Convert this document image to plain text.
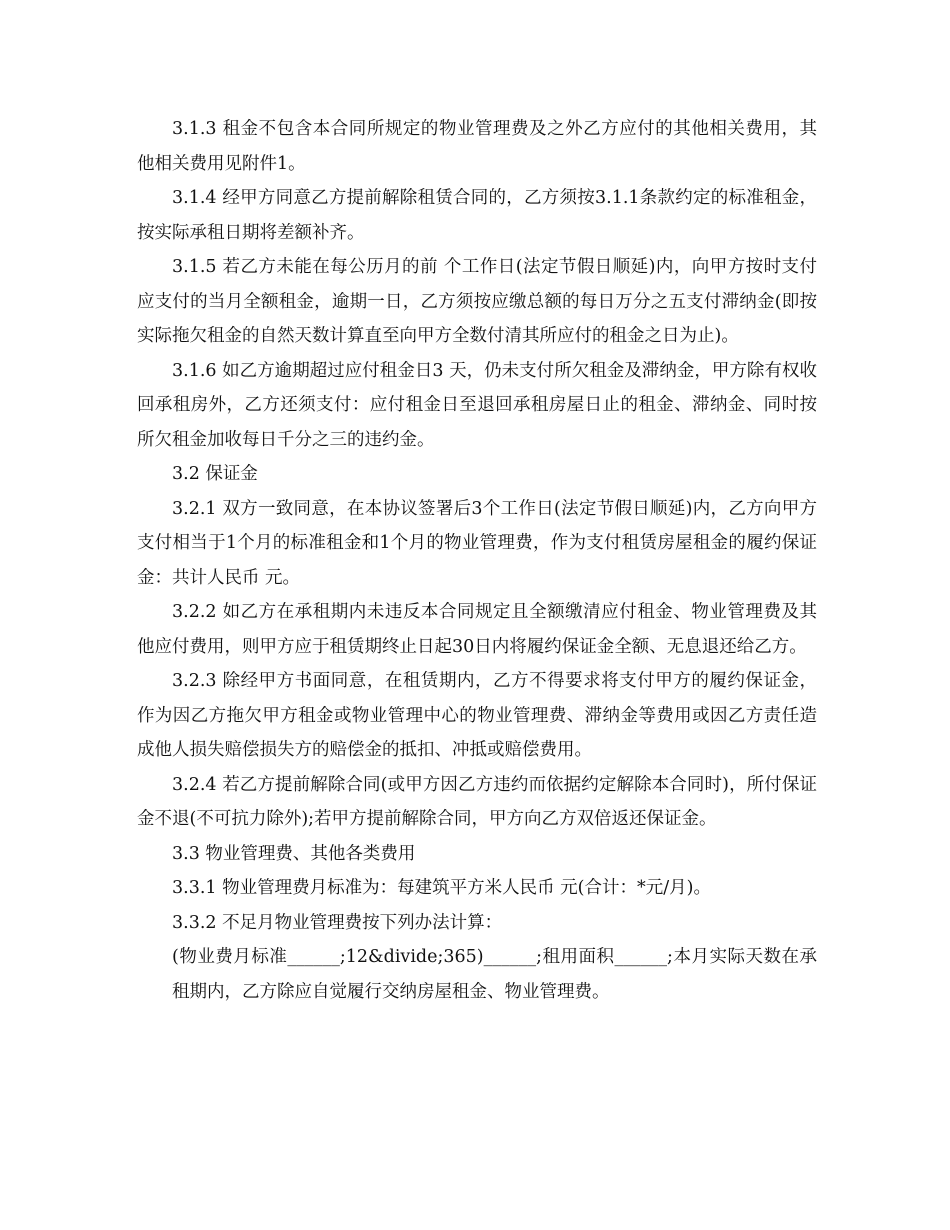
3.1.3 租金不包含本合同所规定的物业管理费及之外乙方应付的其他相关费用，其他相关费用见附件1。

3.1.4 经甲方同意乙方提前解除租赁合同的，乙方须按3.1.1条款约定的标准租金，按实际承租日期将差额补齐。

3.1.5 若乙方未能在每公历月的前 个工作日(法定节假日顺延)内，向甲方按时支付应支付的当月全额租金，逾期一日，乙方须按应缴总额的每日万分之五支付滞纳金(即按实际拖欠租金的自然天数计算直至向甲方全数付清其所应付的租金之日为止)。

3.1.6 如乙方逾期超过应付租金日3 天，仍未支付所欠租金及滞纳金，甲方除有权收回承租房外，乙方还须支付：应付租金日至退回承租房屋日止的租金、滞纳金、同时按所欠租金加收每日千分之三的违约金。

3.2 保证金

3.2.1 双方一致同意，在本协议签署后3个工作日(法定节假日顺延)内，乙方向甲方支付相当于1个月的标准租金和1个月的物业管理费，作为支付租赁房屋租金的履约保证金：共计人民币 元。

3.2.2 如乙方在承租期内未违反本合同规定且全额缴清应付租金、物业管理费及其他应付费用，则甲方应于租赁期终止日起30日内将履约保证金全额、无息退还给乙方。

3.2.3 除经甲方书面同意，在租赁期内，乙方不得要求将支付甲方的履约保证金，作为因乙方拖欠甲方租金或物业管理中心的物业管理费、滞纳金等费用或因乙方责任造成他人损失赔偿损失方的赔偿金的抵扣、冲抵或赔偿费用。

3.2.4 若乙方提前解除合同(或甲方因乙方违约而依据约定解除本合同时)，所付保证金不退(不可抗力除外);若甲方提前解除合同，甲方向乙方双倍返还保证金。

3.3 物业管理费、其他各类费用

3.3.1 物业管理费月标准为：每建筑平方米人民币 元(合计：*元/月)。

3.3.2 不足月物业管理费按下列办法计算：

(物业费月标准______;12&divide;365)______;租用面积______;本月实际天数在承租期内，乙方除应自觉履行交纳房屋租金、物业管理费。
